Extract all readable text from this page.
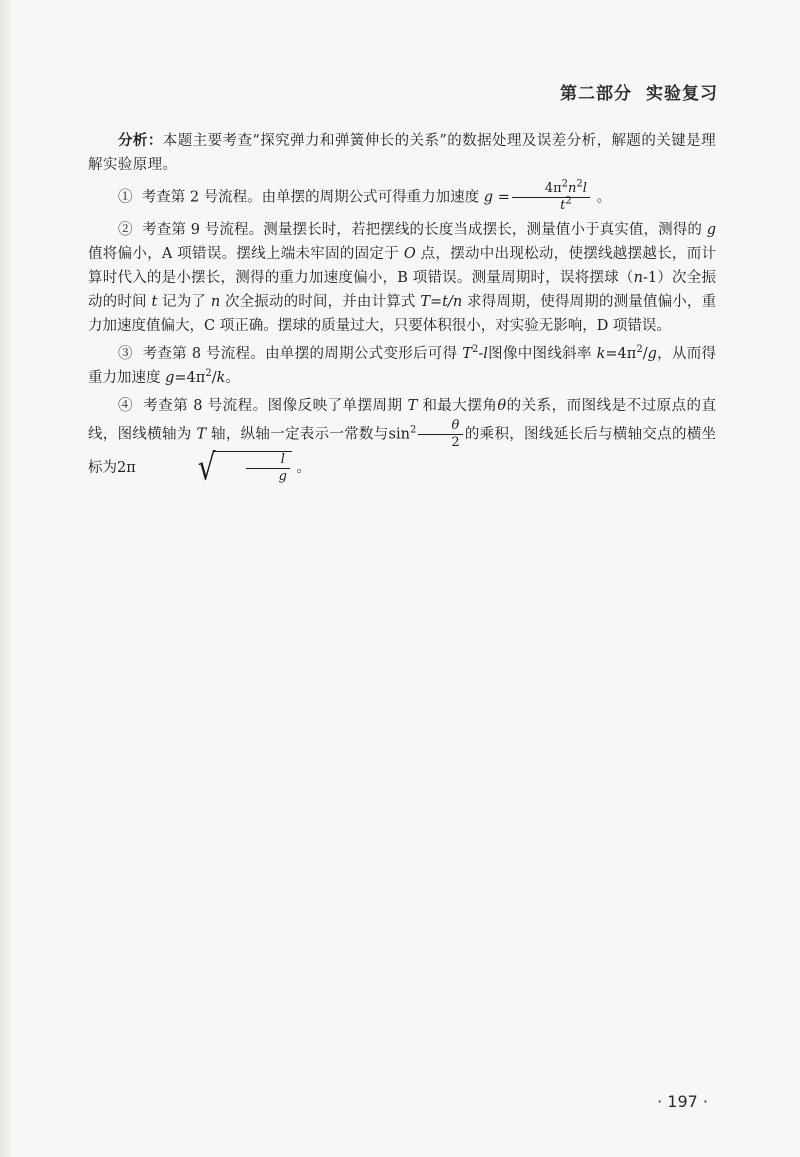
第二部分 实验复习

分析：本题主要考查“探究弹力和弹簧伸长的关系”的数据处理及误差分析，解题的关键是理解实验原理。

① 考查第 2 号流程。由单摆的周期公式可得重力加速度 $g = \frac{4\pi^2n^2l}{t^2}$ 。

② 考查第 9 号流程。测量摆长时，若把摆线的长度当成摆长，测量值小于真实值，测得的 g 值将偏小，A 项错误。摆线上端未牢固的固定于 O 点，摆动中出现松动，使摆线越摆越长，而计算时代入的是小摆长，测得的重力加速度偏小，B 项错误。测量周期时，误将摆球（n-1）次全振动的时间 t 记为了 n 次全振动的时间，并由计算式 T=t/n 求得周期，使得周期的测量值偏小，重力加速度值偏大，C 项正确。摆球的质量过大，只要体积很小，对实验无影响，D 项错误。

③ 考查第 8 号流程。由单摆的周期公式变形后可得 $T^2-l$图像中图线斜率 $k=4\pi^2/g$，从而得重力加速度 $g=4\pi^2/k$。

④ 考查第 8 号流程。图像反映了单摆周期 T 和最大摆角θ的关系，而图线是不过原点的直线，图线横轴为 T 轴，纵轴一定表示一常数与$\sin^2 \frac{\theta}{2}$ 的乘积，图线延长后与横轴交点的横坐标为2π √ $\frac{l}{g}$ 。

· 197 ·
